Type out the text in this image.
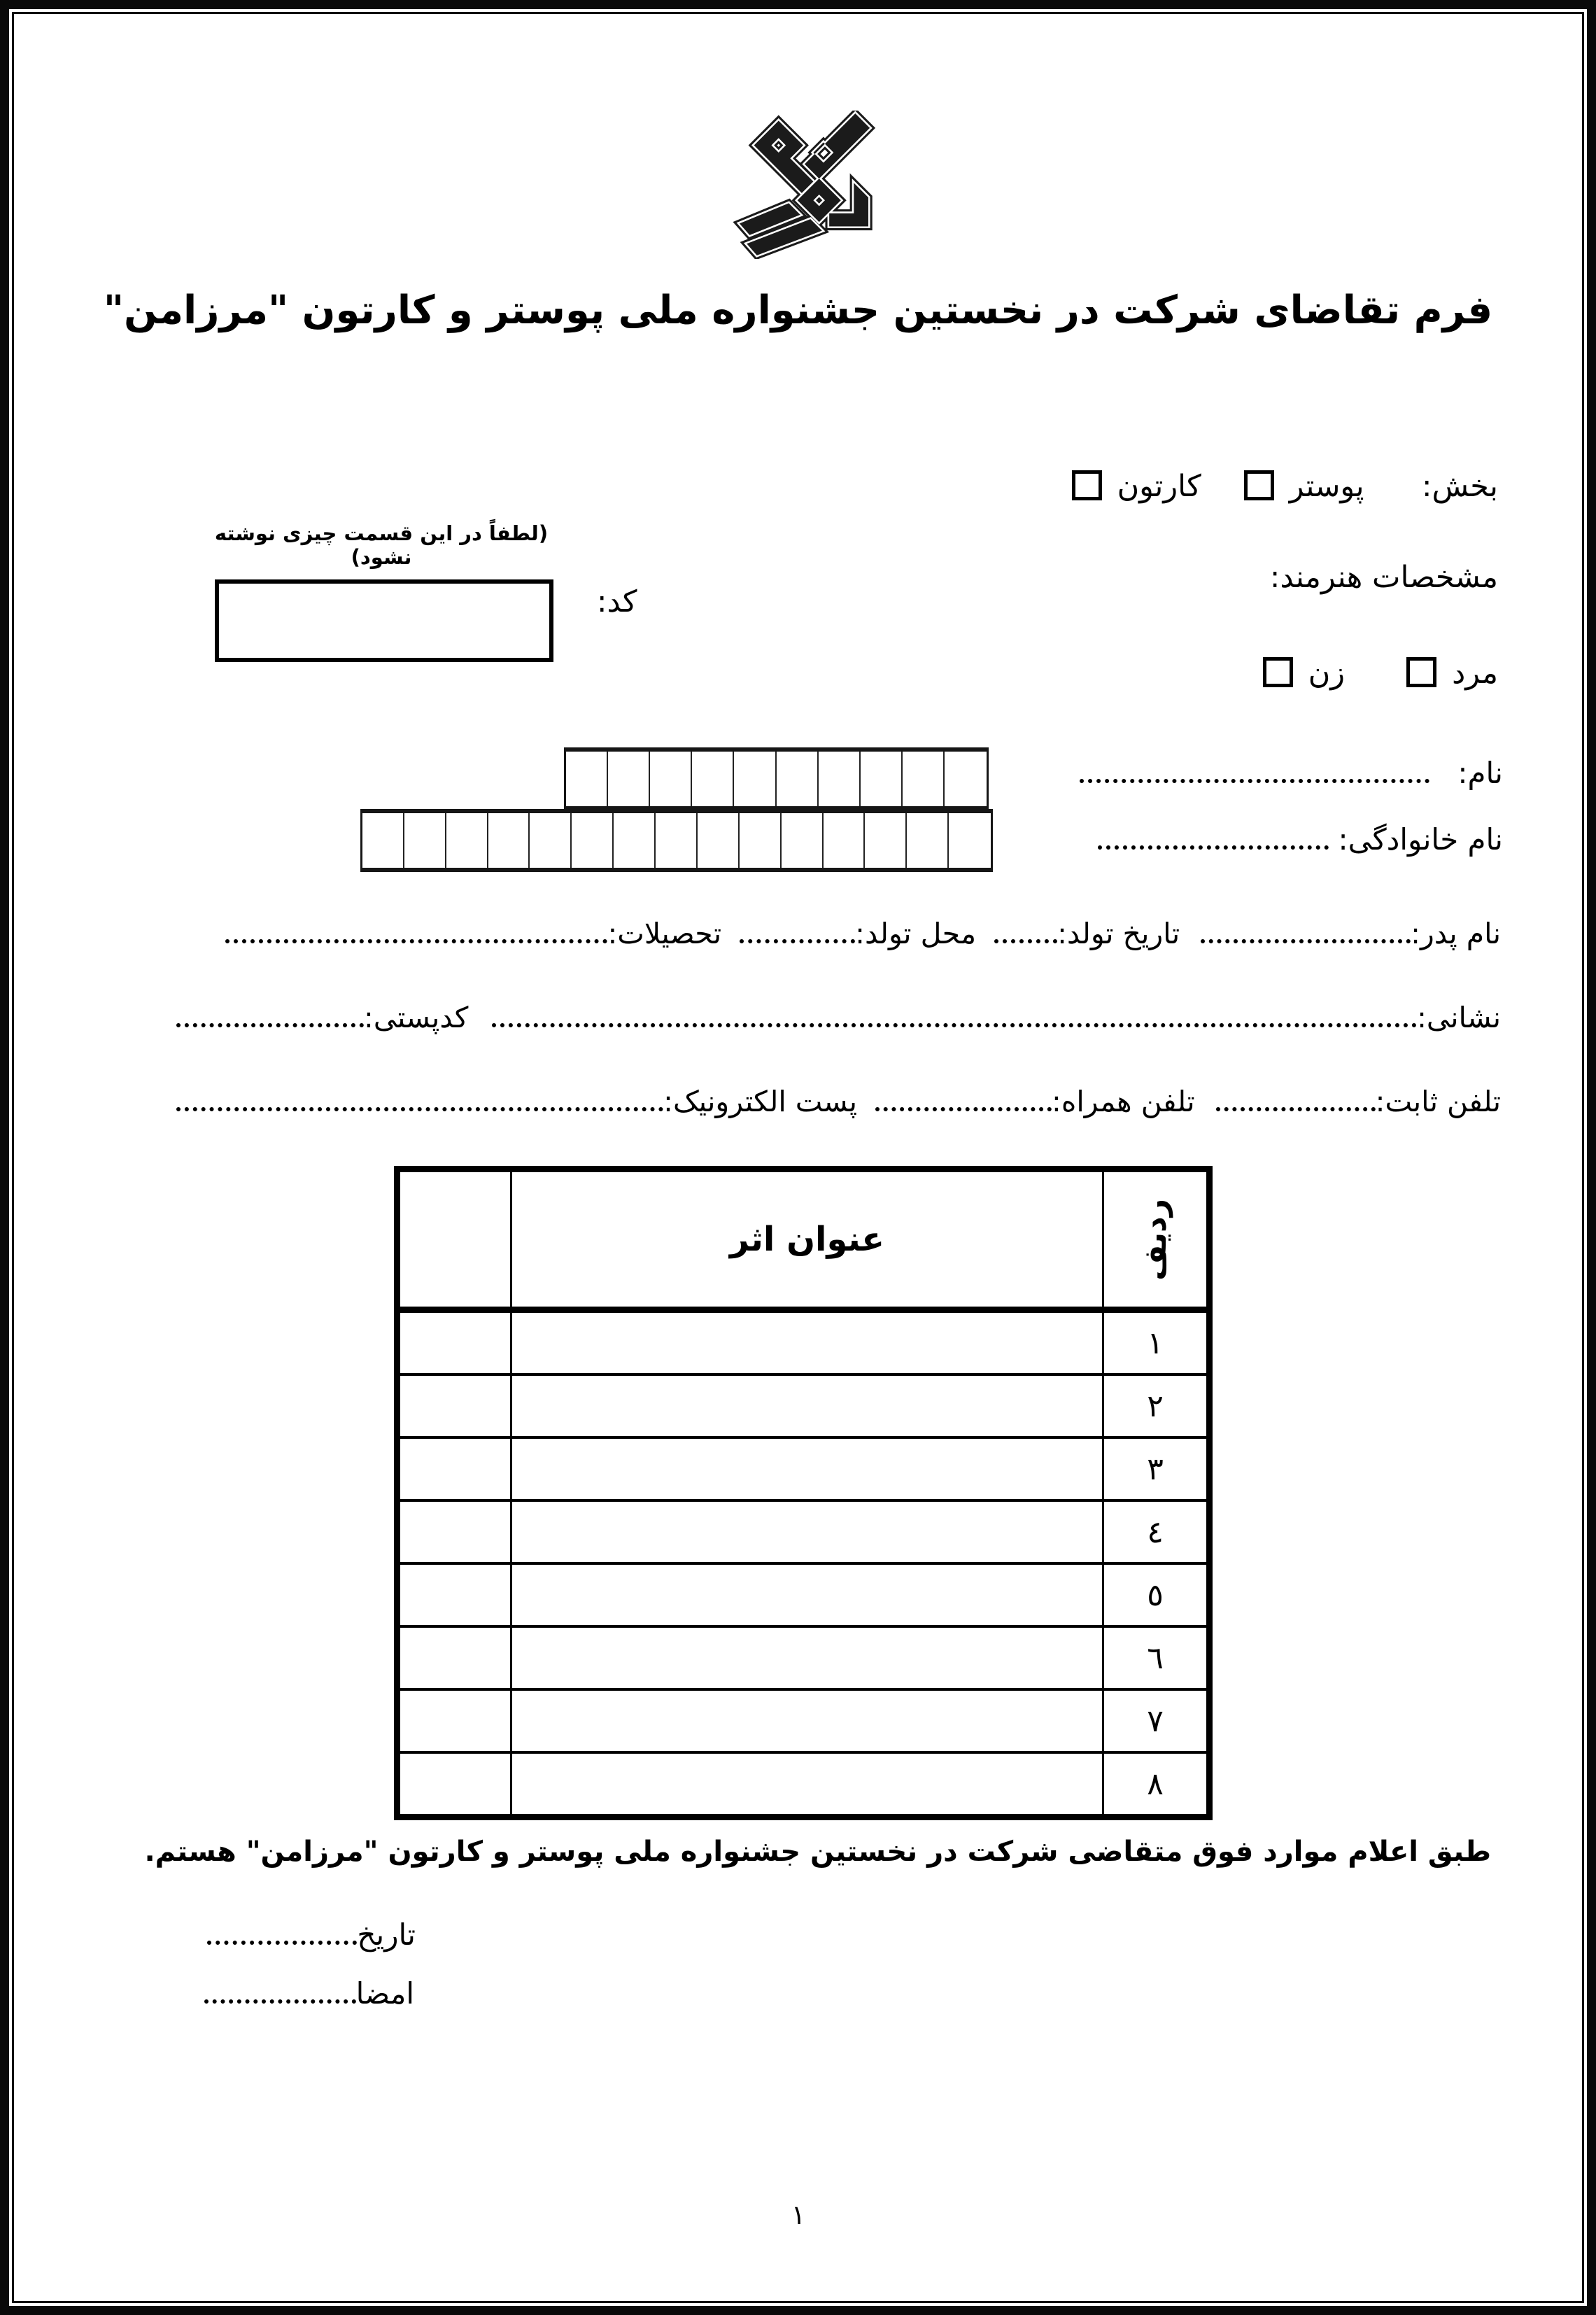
فرم تقاضای شرکت در نخستین جشنواره ملی پوستر و کارتون "مرزامن"
بخش:  پوستر   کارتون
(لطفاً در این قسمت چیزی نوشته نشود)
کد:
مشخصات هنرمند:
مرد   زن
نام:
نام خانوادگی:
نام پدر:
تاریخ تولد:
محل تولد:
تحصیلات:
نشانی:
کدپستی:
تلفن ثابت:
تلفن همراه:
پست الکترونیک:
ردیف
عنوان اثر
١
٢
٣
٤
٥
٦
٧
٨
طبق اعلام موارد فوق متقاضی شرکت در نخستین جشنواره ملی پوستر و کارتون "مرزامن" هستم.
تاریخ
امضا
١
